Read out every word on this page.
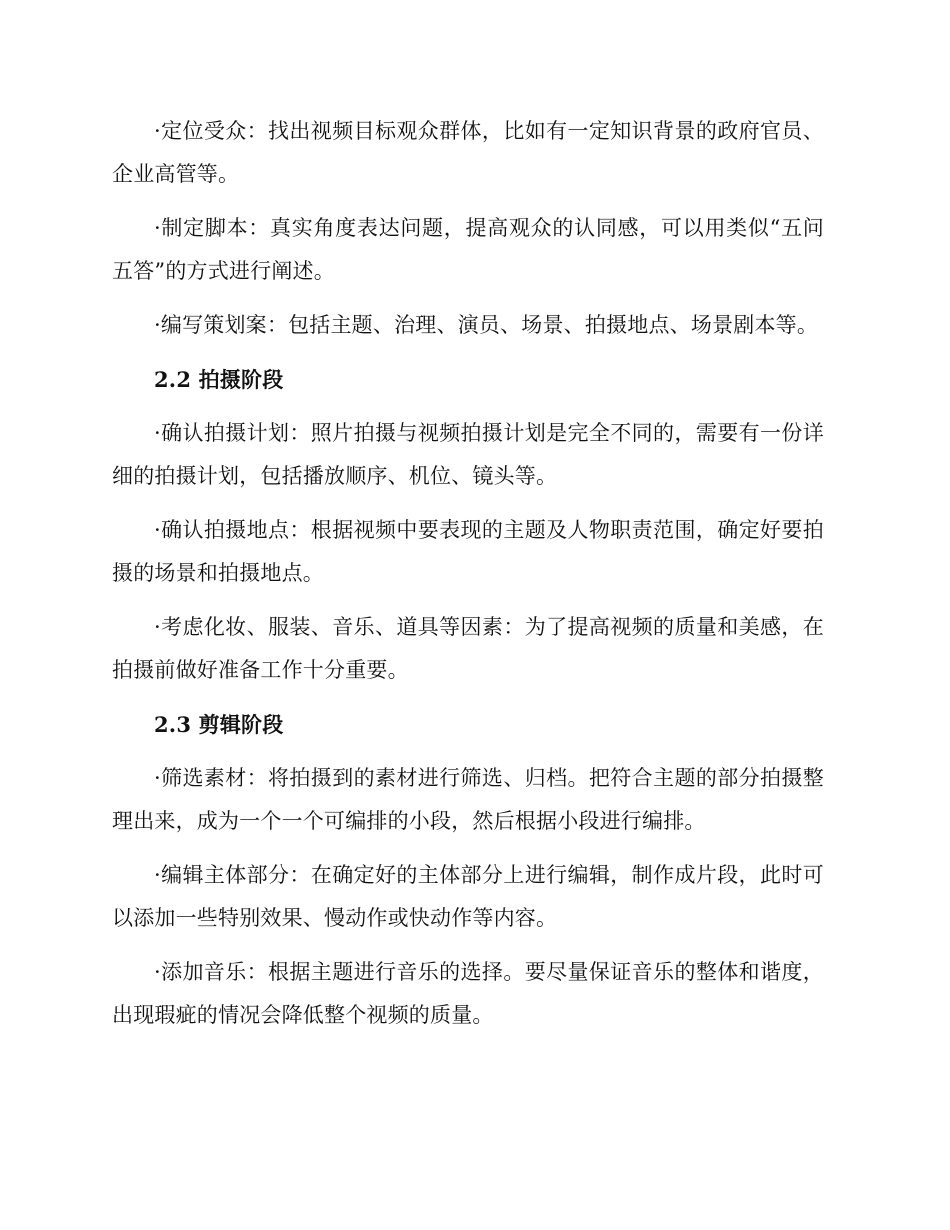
·定位受众：找出视频目标观众群体，比如有一定知识背景的政府官员、企业高管等。

·制定脚本：真实角度表达问题，提高观众的认同感，可以用类似“五问五答”的方式进行阐述。

·编写策划案：包括主题、治理、演员、场景、拍摄地点、场景剧本等。

2.2 拍摄阶段

·确认拍摄计划：照片拍摄与视频拍摄计划是完全不同的，需要有一份详细的拍摄计划，包括播放顺序、机位、镜头等。

·确认拍摄地点：根据视频中要表现的主题及人物职责范围，确定好要拍摄的场景和拍摄地点。

·考虑化妆、服装、音乐、道具等因素：为了提高视频的质量和美感，在拍摄前做好准备工作十分重要。

2.3 剪辑阶段

·筛选素材：将拍摄到的素材进行筛选、归档。把符合主题的部分拍摄整理出来，成为一个一个可编排的小段，然后根据小段进行编排。

·编辑主体部分：在确定好的主体部分上进行编辑，制作成片段，此时可以添加一些特别效果、慢动作或快动作等内容。

·添加音乐：根据主题进行音乐的选择。要尽量保证音乐的整体和谐度，出现瑕疵的情况会降低整个视频的质量。
